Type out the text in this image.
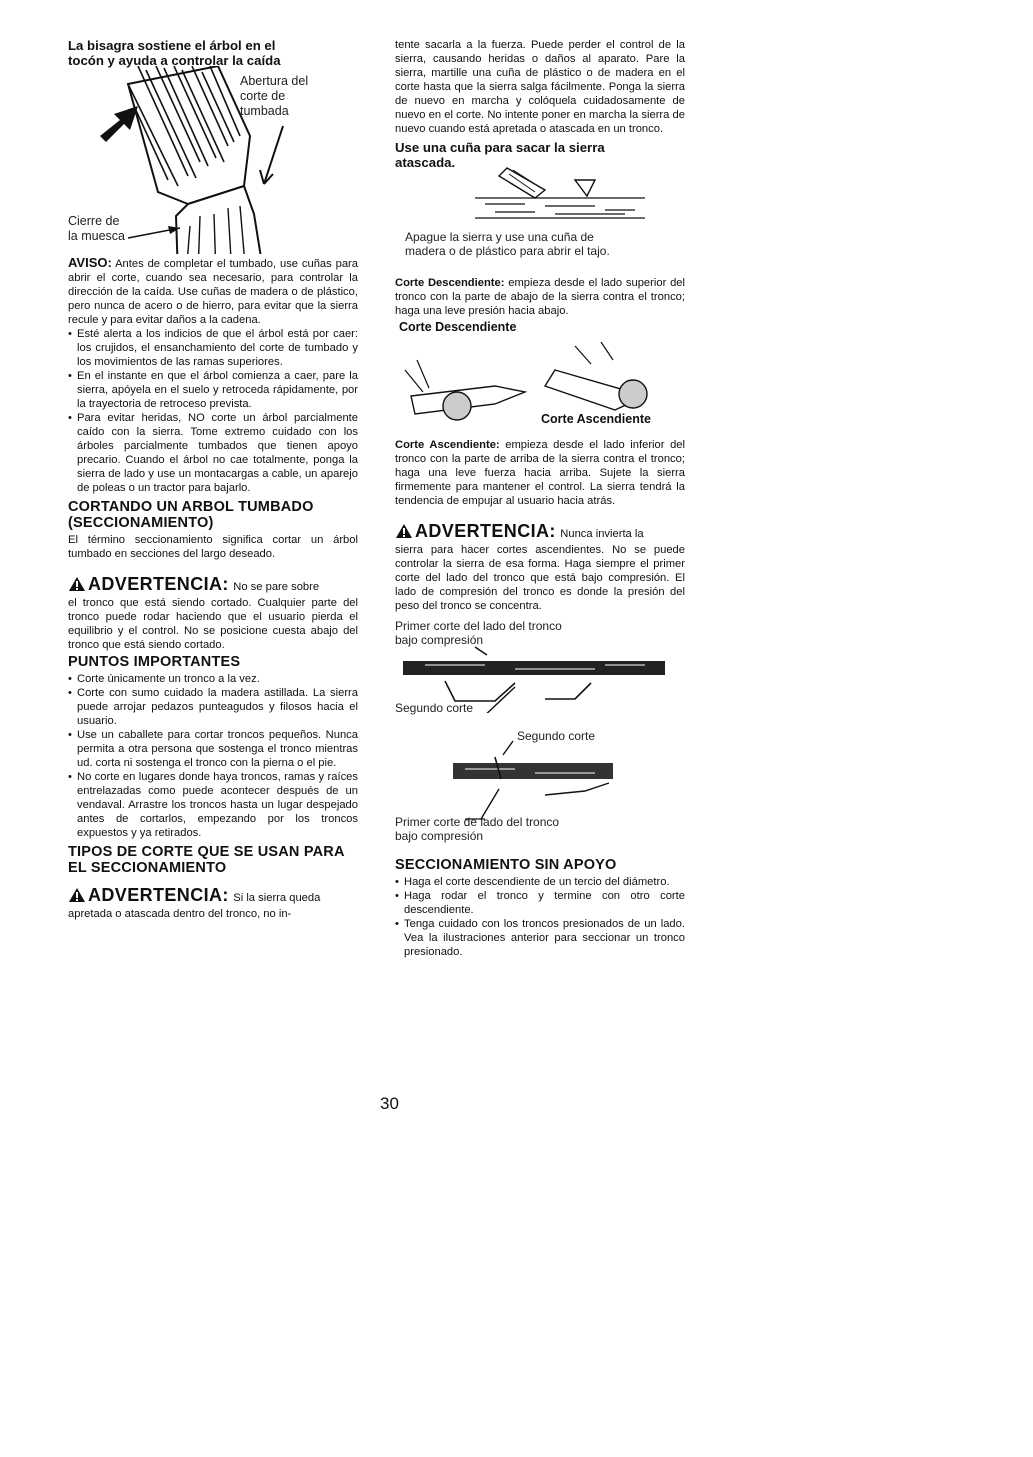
La bisagra sostiene el árbol en el
tocón y ayuda a controlar la caída
Abertura del
corte de
tumbada
Cierre de
la muesca

AVISO: Antes de completar el tumbado, use cuñas para abrir el corte, cuando sea necesario, para controlar la dirección de la caída. Use cuñas de madera o de plástico, pero nunca de acero o de hierro, para evitar que la sierra recule y para evitar daños a la cadena.

• Esté alerta a los indicios de que el árbol está por caer: los crujidos, el ensanchamiento del corte de tumbado y los movimientos de las ramas superiores.
• En el instante en que el árbol comienza a caer, pare la sierra, apóyela en el suelo y retroceda rápidamente, por la trayectoria de retroceso prevista.
• Para evitar heridas, NO corte un árbol parcialmente caído con la sierra. Tome extremo cuidado con los árboles parcialmente tumbados que tienen apoyo precario. Cuando el árbol no cae totalmente, ponga la sierra de lado y use un montacargas a cable, un aparejo de poleas o un tractor para bajarlo.
CORTANDO UN ARBOL TUMBADO (SECCIONAMIENTO)

El término seccionamiento significa cortar un árbol tumbado en secciones del largo deseado.

ADVERTENCIA: No se pare sobre

el tronco que está siendo cortado. Cualquier parte del tronco puede rodar haciendo que el usuario pierda el equilibrio y el control. No se posicione cuesta abajo del tronco que está siendo cortado.

PUNTOS IMPORTANTES
• Corte únicamente un tronco a la vez.
• Corte con sumo cuidado la madera astillada. La sierra puede arrojar pedazos punteagudos y filosos hacia el usuario.
• Use un caballete para cortar troncos pequeños. Nunca permita a otra persona que sostenga el tronco mientras ud. corta ni sostenga el tronco con la pierna o el pie.
• No corte en lugares donde haya troncos, ramas y raíces entrelazadas como puede acontecer después de un vendaval. Arrastre los troncos hasta un lugar despejado antes de cortarlos, empezando por los troncos expuestos y ya retirados.
TIPOS DE CORTE QUE SE USAN PARA EL SECCIONAMIENTO
ADVERTENCIA: Si la sierra queda

apretada o atascada dentro del tronco, no in-

tente sacarla a la fuerza. Puede perder el control de la sierra, causando heridas o daños al aparato. Pare la sierra, martille una cuña de plástico o de madera en el corte hasta que la sierra salga fácilmente. Ponga la sierra de nuevo en marcha y colóquela cuidadosamente de nuevo en el corte. No intente poner en marcha la sierra de nuevo cuando está apretada o atascada en un tronco.

Use una cuña para sacar la sierra
atascada.
Apague la sierra y use una cuña de
madera o de plástico para abrir el tajo.

Corte Descendiente: empieza desde el lado superior del tronco con la parte de abajo de la sierra contra el tronco; haga una leve presión hacia abajo.

Corte Descendiente
Corte Ascendiente

Corte Ascendiente: empieza desde el lado inferior del tronco con la parte de arriba de la sierra contra el tronco; haga una leve fuerza hacia arriba. Sujete la sierra firmemente para mantener el control. La sierra tendrá la tendencia de empujar al usuario hacia atrás.

ADVERTENCIA: Nunca invierta la

sierra para hacer cortes ascendientes. No se puede controlar la sierra de esa forma. Haga siempre el primer corte del lado del tronco que está bajo compresión. El lado de compresión del tronco es donde la presión del peso del tronco se concentra.

Primer corte del lado del tronco
bajo compresión
Segundo corte
Segundo corte
Primer corte de lado del tronco
bajo compresión
SECCIONAMIENTO SIN APOYO
• Haga el corte descendiente de un tercio del diámetro.
• Haga rodar el tronco y termine con otro corte descendiente.
• Tenga cuidado con los troncos presionados de un lado. Vea la ilustraciones anterior para seccionar un tronco presionado.
30
